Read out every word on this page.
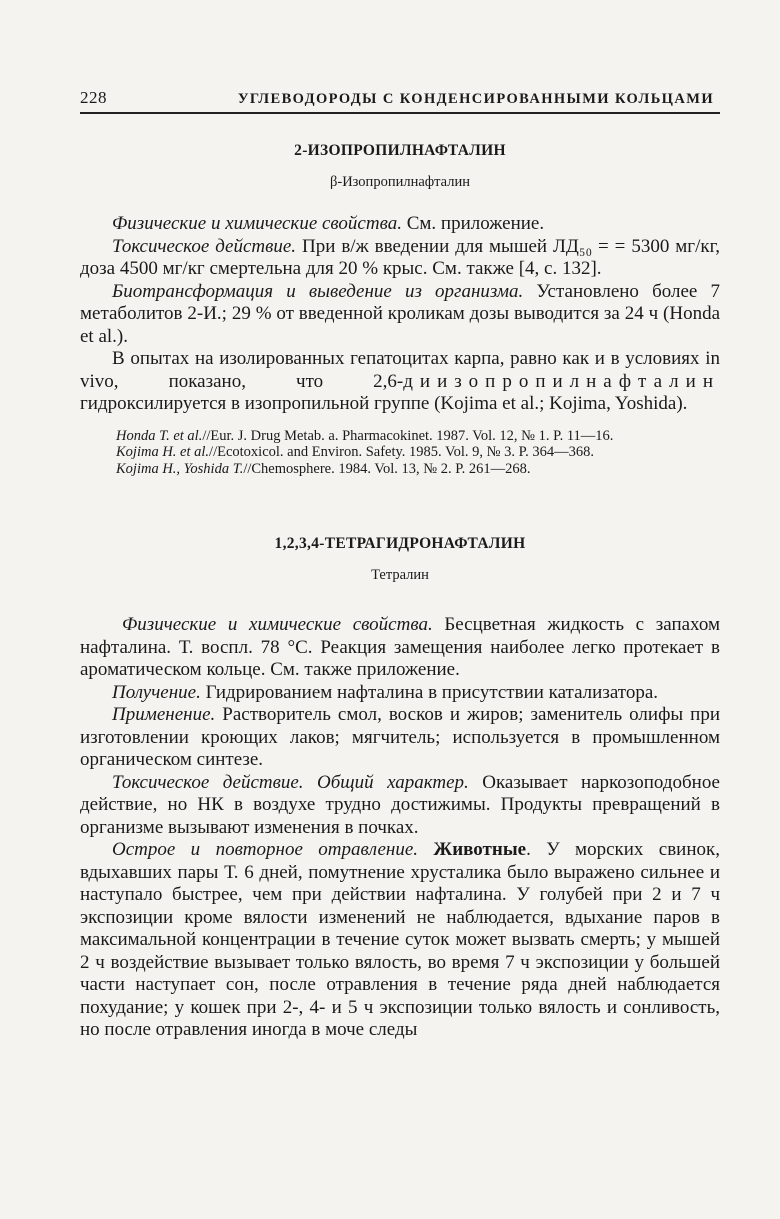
228	УГЛЕВОДОРОДЫ С КОНДЕНСИРОВАННЫМИ КОЛЬЦАМИ
2-ИЗОПРОПИЛНАФТАЛИН
β-Изопропилнафталин

Физические и химические свойства. См. приложение.

Токсическое действие. При в/ж введении для мышей ЛД₅₀ = = 5300 мг/кг, доза 4500 мг/кг смертельна для 20 % крыс. См. также [4, с. 132].

Биотрансформация и выведение из организма. Установлено более 7 метаболитов 2-И.; 29 % от введенной кроликам дозы выводится за 24 ч (Honda et al.).

В опытах на изолированных гепатоцитах карпа, равно как и в условиях in vivo, показано, что 2,6-диизопропилнафталин гидроксилируется в изопропильной группе (Kojima et al.; Kojima, Yoshida).

Honda T. et al.//Eur. J. Drug Metab. a. Pharmacokinet. 1987. Vol. 12, № 1. P. 11—16.
Kojima H. et al.//Ecotoxicol. and Environ. Safety. 1985. Vol. 9, № 3. P. 364—368.
Kojima H., Yoshida T.//Chemosphere. 1984. Vol. 13, № 2. P. 261—268.
1,2,3,4-ТЕТРАГИДРОНАФТАЛИН
Тетралин

Физические и химические свойства. Бесцветная жидкость с запахом нафталина. Т. воспл. 78 °С. Реакция замещения наиболее легко протекает в ароматическом кольце. См. также приложение.

Получение. Гидрированием нафталина в присутствии катализатора.

Применение. Растворитель смол, восков и жиров; заменитель олифы при изготовлении кроющих лаков; мягчитель; используется в промышленном органическом синтезе.

Токсическое действие. Общий характер. Оказывает наркозоподобное действие, но НК в воздухе трудно достижимы. Продукты превращений в организме вызывают изменения в почках.

Острое и повторное отравление. Животные. У морских свинок, вдыхавших пары Т. 6 дней, помутнение хрусталика было выражено сильнее и наступало быстрее, чем при действии нафталина. У голубей при 2 и 7 ч экспозиции кроме вялости изменений не наблюдается, вдыхание паров в максимальной концентрации в течение суток может вызвать смерть; у мышей 2 ч воздействие вызывает только вялость, во время 7 ч экспозиции у большей части наступает сон, после отравления в течение ряда дней наблюдается похудание; у кошек при 2-, 4- и 5 ч экспозиции только вялость и сонливость, но после отравления иногда в моче следы
